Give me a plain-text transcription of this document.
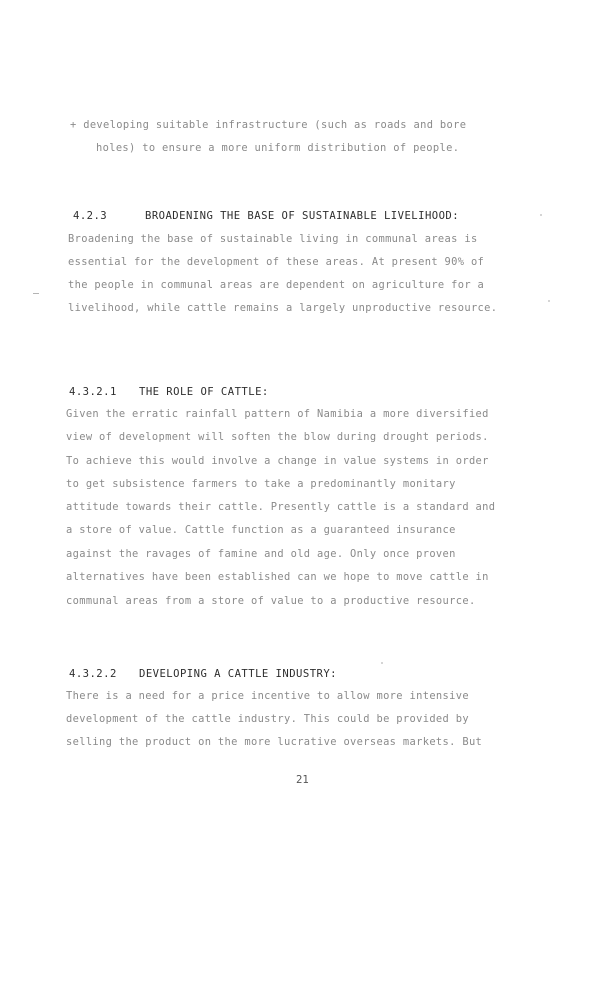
+ developing suitable infrastructure (such as roads and bore
holes) to ensure a more uniform distribution of people.
4.2.3	BROADENING THE BASE OF SUSTAINABLE LIVELIHOOD:
Broadening the base of sustainable living in communal areas is
essential for the development of these areas. At present 90% of
the people in communal areas are dependent on agriculture for a
livelihood, while cattle remains a largely unproductive resource.
4.3.2.1 THE ROLE OF CATTLE:
Given the erratic rainfall pattern of Namibia a more diversified
view of development will soften the blow during drought periods.
To achieve this would involve a change in value systems in order
to get subsistence farmers to take a predominantly monitary
attitude towards their cattle. Presently cattle is a standard and
a store of value. Cattle function as a guaranteed insurance
against the ravages of famine and old age. Only once proven
alternatives have been established can we hope to move cattle in
communal areas from a store of value to a productive resource.
4.3.2.2 DEVELOPING A CATTLE INDUSTRY:
There is a need for a price incentive to allow more intensive
development of the cattle industry. This could be provided by
selling the product on the more lucrative overseas markets. But
21
